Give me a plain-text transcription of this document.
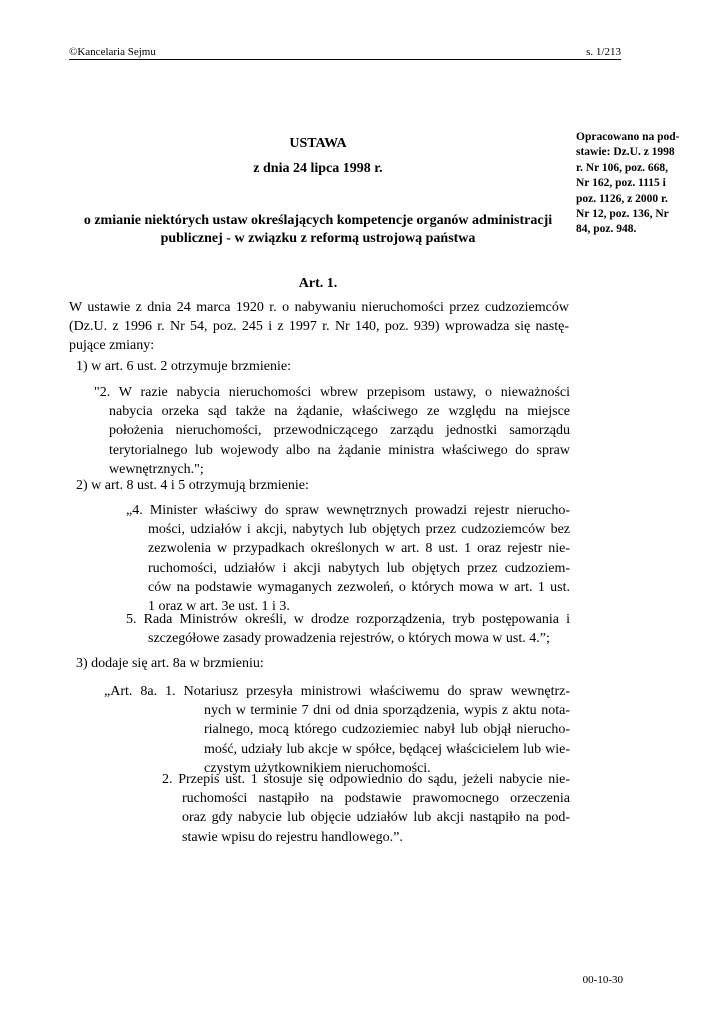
©Kancelaria Sejmu	s. 1/213
Opracowano na pod-
stawie: Dz.U. z 1998
r. Nr 106, poz. 668,
Nr 162, poz. 1115 i
poz. 1126, z 2000 r.
Nr 12, poz. 136, Nr
84, poz. 948.
USTAWA
z dnia 24 lipca 1998 r.
o zmianie niektórych ustaw określających kompetencje organów administracji
publicznej - w związku z reformą ustrojową państwa
Art. 1.
W ustawie z dnia 24 marca 1920 r. o nabywaniu nieruchomości przez cudzoziemców
(Dz.U. z 1996 r. Nr 54, poz. 245 i z 1997 r. Nr 140, poz. 939) wprowadza się nastę-
pujące zmiany:
1) w art. 6 ust. 2 otrzymuje brzmienie:
"2. W razie nabycia nieruchomości wbrew przepisom ustawy, o nieważności
nabycia orzeka sąd także na żądanie, właściwego ze względu na miejsce
położenia nieruchomości, przewodniczącego zarządu jednostki samorządu
terytorialnego lub wojewody albo na żądanie ministra właściwego do spraw
wewnętrznych.";
2) w art. 8 ust. 4 i 5 otrzymują brzmienie:
„4. Minister właściwy do spraw wewnętrznych prowadzi rejestr nierucho-
mości, udziałów i akcji, nabytych lub objętych przez cudzoziemców bez
zezwolenia w przypadkach określonych w art. 8 ust. 1 oraz rejestr nie-
ruchomości, udziałów i akcji nabytych lub objętych przez cudzoziem-
ców na podstawie wymaganych zezwoleń, o których mowa w art. 1 ust.
1 oraz w art. 3e ust. 1 i 3.
5. Rada Ministrów określi, w drodze rozporządzenia, tryb postępowania i
szczegółowe zasady prowadzenia rejestrów, o których mowa w ust. 4.”;
3) dodaje się art. 8a w brzmieniu:
„Art. 8a. 1. Notariusz przesyła ministrowi właściwemu do spraw wewnętrz-
nych w terminie 7 dni od dnia sporządzenia, wypis z aktu nota-
rialnego, mocą którego cudzoziemiec nabył lub objął nierucho-
mość, udziały lub akcje w spółce, będącej właścicielem lub wie-
czystym użytkownikiem nieruchomości.
2. Przepis ust. 1 stosuje się odpowiednio do sądu, jeżeli nabycie nie-
ruchomości nastąpiło na podstawie prawomocnego orzeczenia
oraz gdy nabycie lub objęcie udziałów lub akcji nastąpiło na pod-
stawie wpisu do rejestru handlowego.”.
00-10-30
